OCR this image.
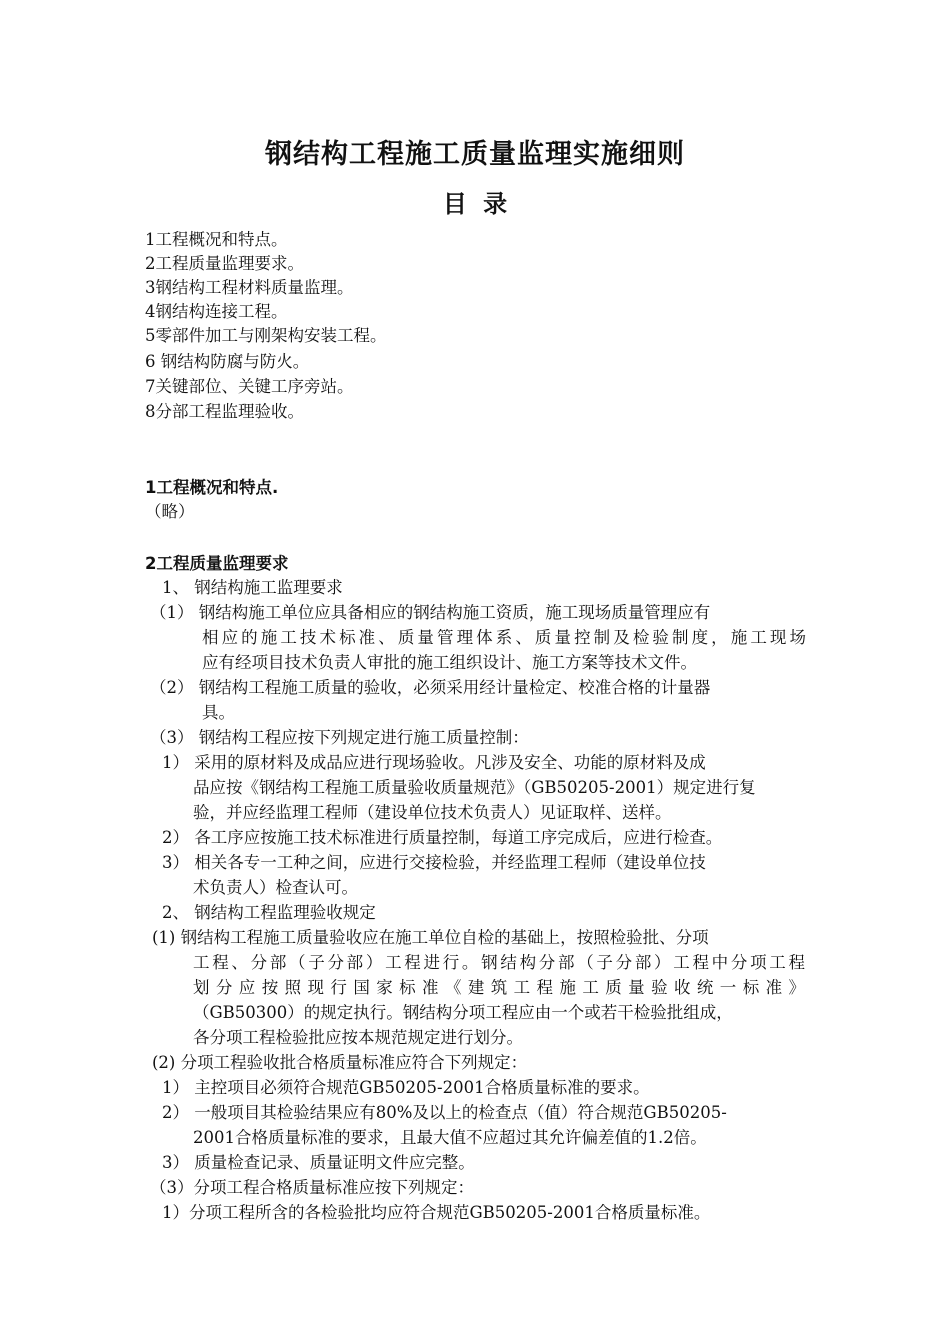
钢结构工程施工质量监理实施细则
目 录
1工程概况和特点。
2工程质量监理要求。
3钢结构工程材料质量监理。
4钢结构连接工程。
5零部件加工与刚架构安装工程。
6 钢结构防腐与防火。
7关键部位、关键工序旁站。
8分部工程监理验收。
1工程概况和特点.
（略）
2工程质量监理要求
1、 钢结构施工监理要求
（1） 钢结构施工单位应具备相应的钢结构施工资质，施工现场质量管理应有
相应的施工技术标准、质量管理体系、质量控制及检验制度，施工现场
应有经项目技术负责人审批的施工组织设计、施工方案等技术文件。
（2） 钢结构工程施工质量的验收，必须采用经计量检定、校准合格的计量器
具。
（3） 钢结构工程应按下列规定进行施工质量控制：
1） 采用的原材料及成品应进行现场验收。凡涉及安全、功能的原材料及成
品应按《钢结构工程施工质量验收质量规范》（GB50205-2001）规定进行复
验，并应经监理工程师（建设单位技术负责人）见证取样、送样。
2） 各工序应按施工技术标准进行质量控制，每道工序完成后，应进行检查。
3） 相关各专一工种之间，应进行交接检验，并经监理工程师（建设单位技
术负责人）检查认可。
2、 钢结构工程监理验收规定
(1) 钢结构工程施工质量验收应在施工单位自检的基础上，按照检验批、分项
工程、分部（子分部）工程进行。钢结构分部（子分部）工程中分项工程
划分应按照现行国家标准《建筑工程施工质量验收统一标准》
（GB50300）的规定执行。钢结构分项工程应由一个或若干检验批组成，
各分项工程检验批应按本规范规定进行划分。
(2) 分项工程验收批合格质量标准应符合下列规定：
1） 主控项目必须符合规范GB50205-2001合格质量标准的要求。
2） 一般项目其检验结果应有80%及以上的检查点（值）符合规范GB50205-
2001合格质量标准的要求，且最大值不应超过其允许偏差值的1.2倍。
3） 质量检查记录、质量证明文件应完整。
（3）分项工程合格质量标准应按下列规定：
1）分项工程所含的各检验批均应符合规范GB50205-2001合格质量标准。
